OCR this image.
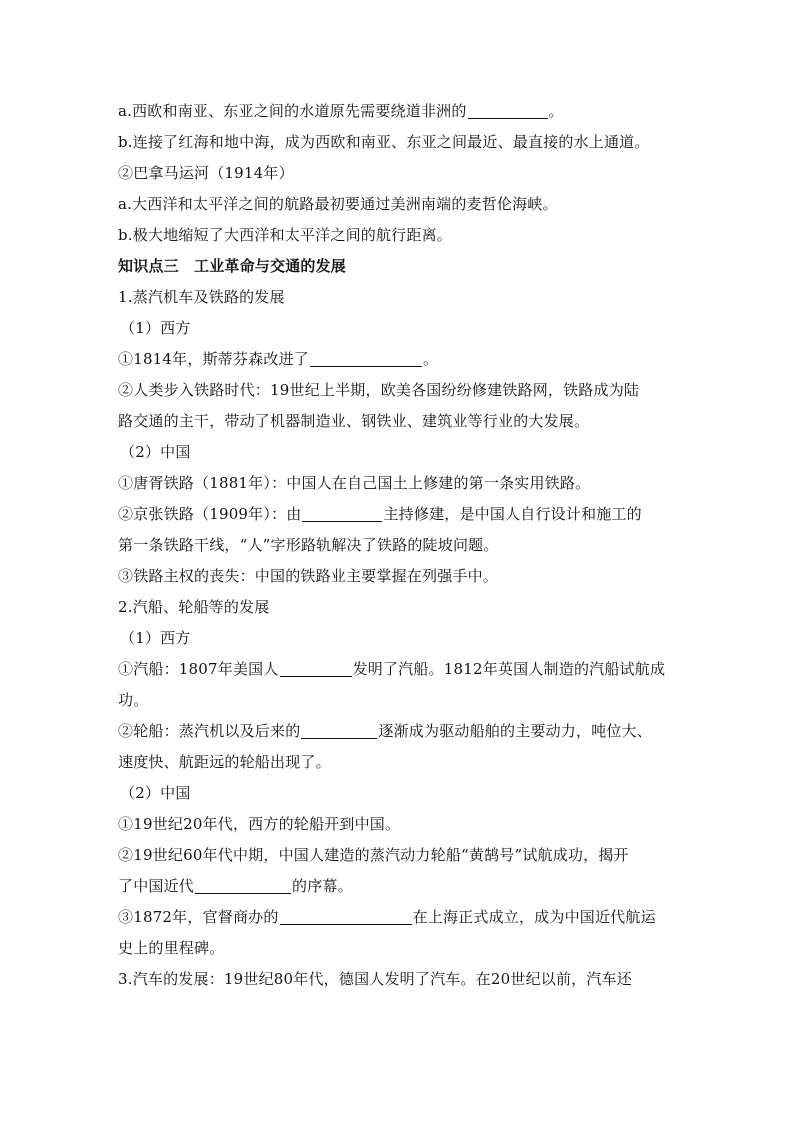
a.西欧和南亚、东亚之间的水道原先需要绕道非洲的	。
b.连接了红海和地中海，成为西欧和南亚、东亚之间最近、最直接的水上通道。
②巴拿马运河（1914年）
a.大西洋和太平洋之间的航路最初要通过美洲南端的麦哲伦海峡。
b.极大地缩短了大西洋和太平洋之间的航行距离。
知识点三　工业革命与交通的发展
1.蒸汽机车及铁路的发展
（1）西方
①1814年，斯蒂芬森改进了	。
②人类步入铁路时代：19世纪上半期，欧美各国纷纷修建铁路网，铁路成为陆
路交通的主干，带动了机器制造业、钢铁业、建筑业等行业的大发展。
（2）中国
①唐胥铁路（1881年）：中国人在自己国土上修建的第一条实用铁路。
②京张铁路（1909年）：由	主持修建，是中国人自行设计和施工的
第一条铁路干线，“人”字形路轨解决了铁路的陡坡问题。
③铁路主权的丧失：中国的铁路业主要掌握在列强手中。
2.汽船、轮船等的发展
（1）西方
①汽船：1807年美国人	发明了汽船。1812年英国人制造的汽船试航成
功。
②轮船：蒸汽机以及后来的	逐渐成为驱动船舶的主要动力，吨位大、
速度快、航距远的轮船出现了。
（2）中国
①19世纪20年代，西方的轮船开到中国。
②19世纪60年代中期，中国人建造的蒸汽动力轮船“黄鹄号”试航成功，揭开
了中国近代	的序幕。
③1872年，官督商办的	在上海正式成立，成为中国近代航运
史上的里程碑。
3.汽车的发展：19世纪80年代，德国人发明了汽车。在20世纪以前，汽车还
